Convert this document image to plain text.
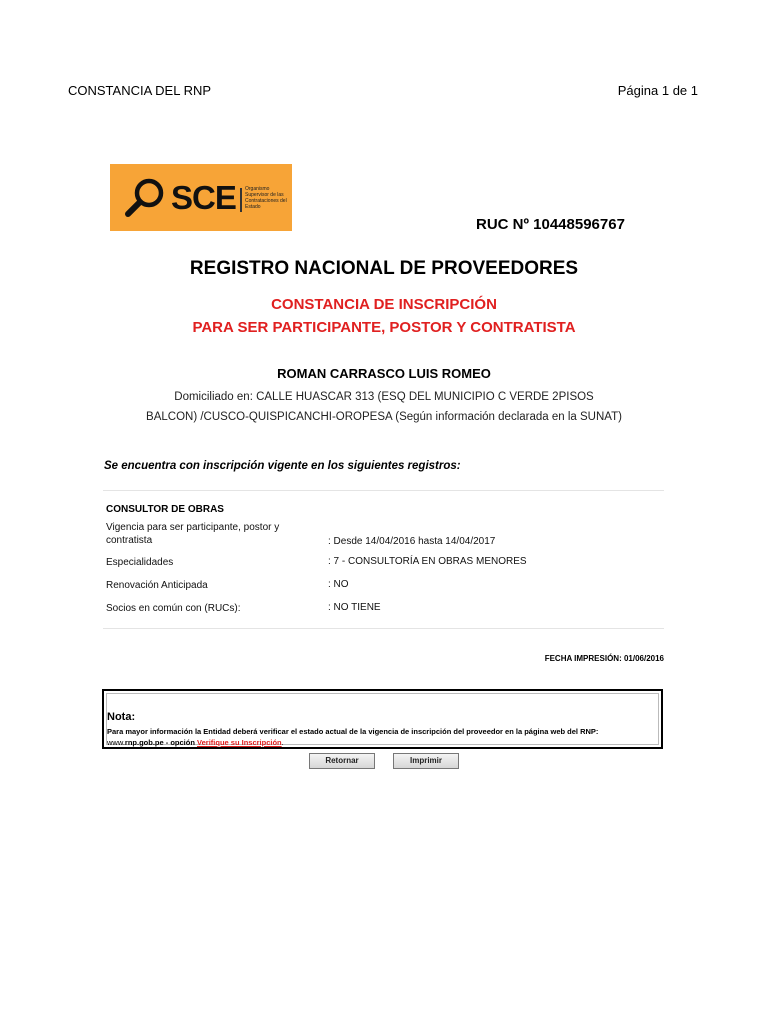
CONSTANCIA DEL RNP	Página 1 de 1
SCE Organismo Supervisor de las Contrataciones del Estado
RUC Nº 10448596767
REGISTRO NACIONAL DE PROVEEDORES
CONSTANCIA DE INSCRIPCIÓN
PARA SER PARTICIPANTE, POSTOR Y CONTRATISTA
ROMAN CARRASCO LUIS ROMEO
Domiciliado en: CALLE HUASCAR 313 (ESQ DEL MUNICIPIO C VERDE 2PISOS
BALCON) /CUSCO-QUISPICANCHI-OROPESA (Según información declarada en la SUNAT)
Se encuentra con inscripción vigente en los siguientes registros:
CONSULTOR DE OBRAS
Vigencia para ser participante, postor y contratista	: Desde 14/04/2016 hasta 14/04/2017
Especialidades	: 7 - CONSULTORÍA EN OBRAS MENORES
Renovación Anticipada	: NO
Socios en común con (RUCs):	: NO TIENE
FECHA IMPRESIÓN: 01/06/2016
Nota:
Para mayor información la Entidad deberá verificar el estado actual de la vigencia de inscripción del proveedor en la página web del RNP:
www.rnp.gob.pe - opción Verifique su Inscripción.
Retornar	Imprimir
